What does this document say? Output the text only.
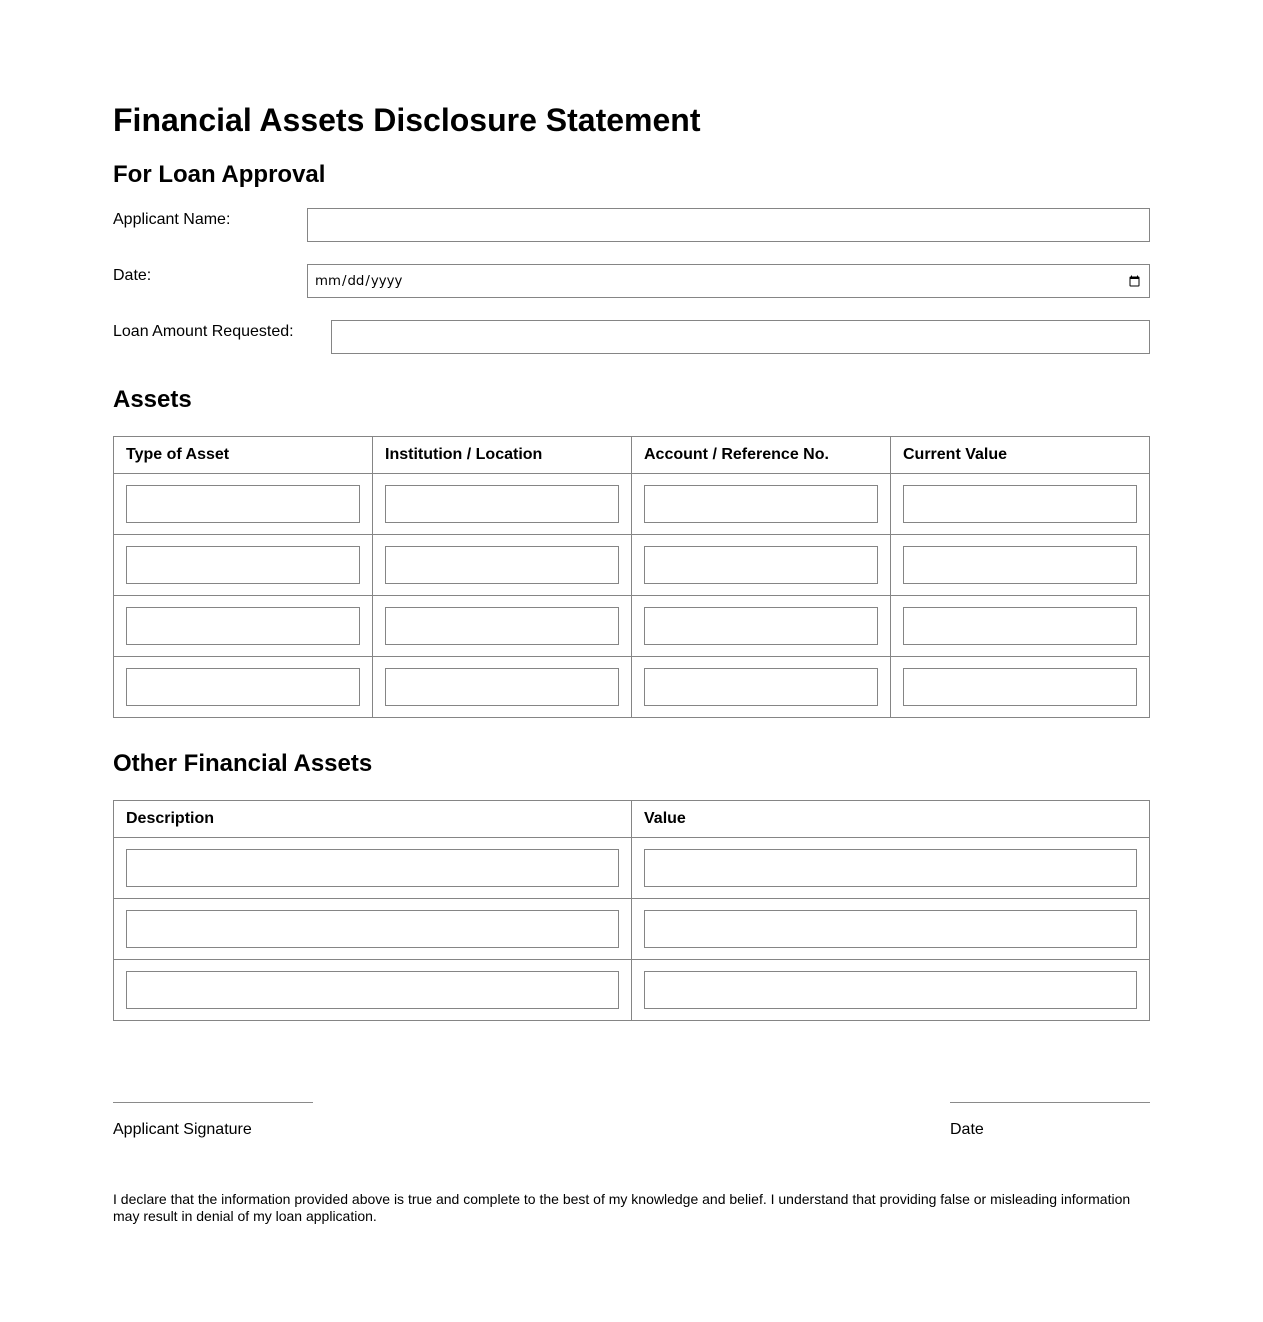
Financial Assets Disclosure Statement
For Loan Approval
Applicant Name:
Date:
mm/dd/yyyy
Loan Amount Requested:
Assets
Type of Asset	Institution / Location	Account / Reference No.	Current Value

Other Financial Assets
Description	Value

Applicant Signature	Date

I declare that the information provided above is true and complete to the best of my knowledge and belief. I understand that providing false or misleading information may result in denial of my loan application.
